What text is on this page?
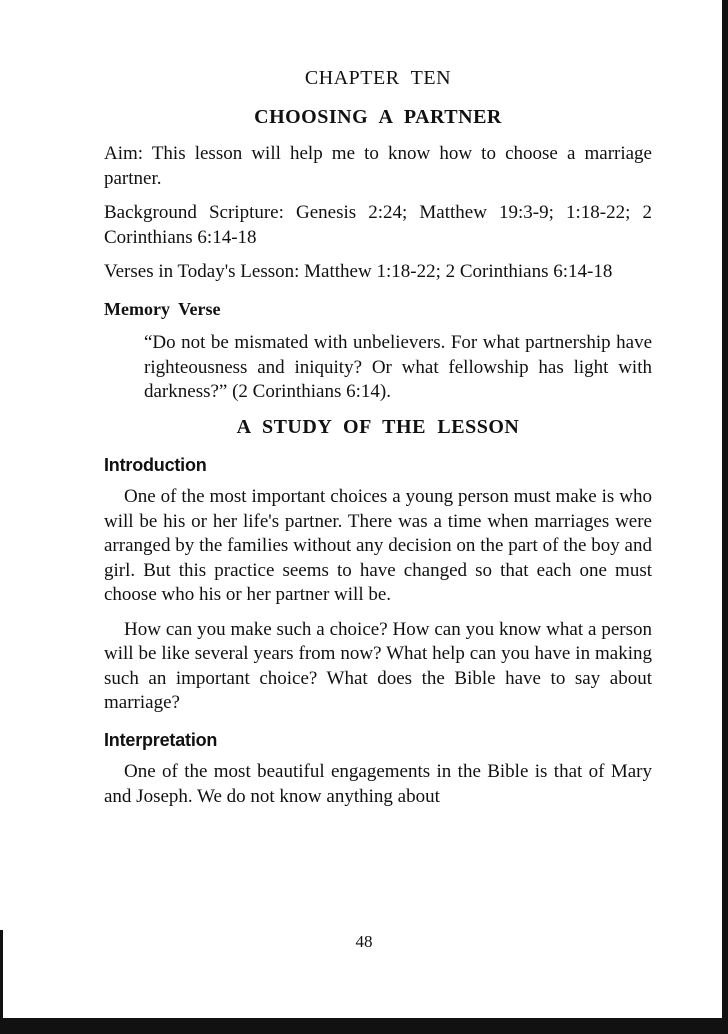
CHAPTER TEN
CHOOSING A PARTNER

Aim: This lesson will help me to know how to choose a marriage partner.

Background Scripture: Genesis 2:24; Matthew 19:3-9; 1:18-22; 2 Corinthians 6:14-18

Verses in Today's Lesson: Matthew 1:18-22; 2 Corinthians 6:14-18

Memory Verse

“Do not be mismated with unbelievers. For what partnership have righteousness and iniquity? Or what fellowship has light with darkness?” (2 Corinthians 6:14).

A STUDY OF THE LESSON
Introduction

One of the most important choices a young person must make is who will be his or her life's partner. There was a time when marriages were arranged by the families without any decision on the part of the boy and girl. But this practice seems to have changed so that each one must choose who his or her partner will be.

How can you make such a choice? How can you know what a person will be like several years from now? What help can you have in making such an important choice? What does the Bible have to say about marriage?

Interpretation

One of the most beautiful engagements in the Bible is that of Mary and Joseph. We do not know anything about

48
